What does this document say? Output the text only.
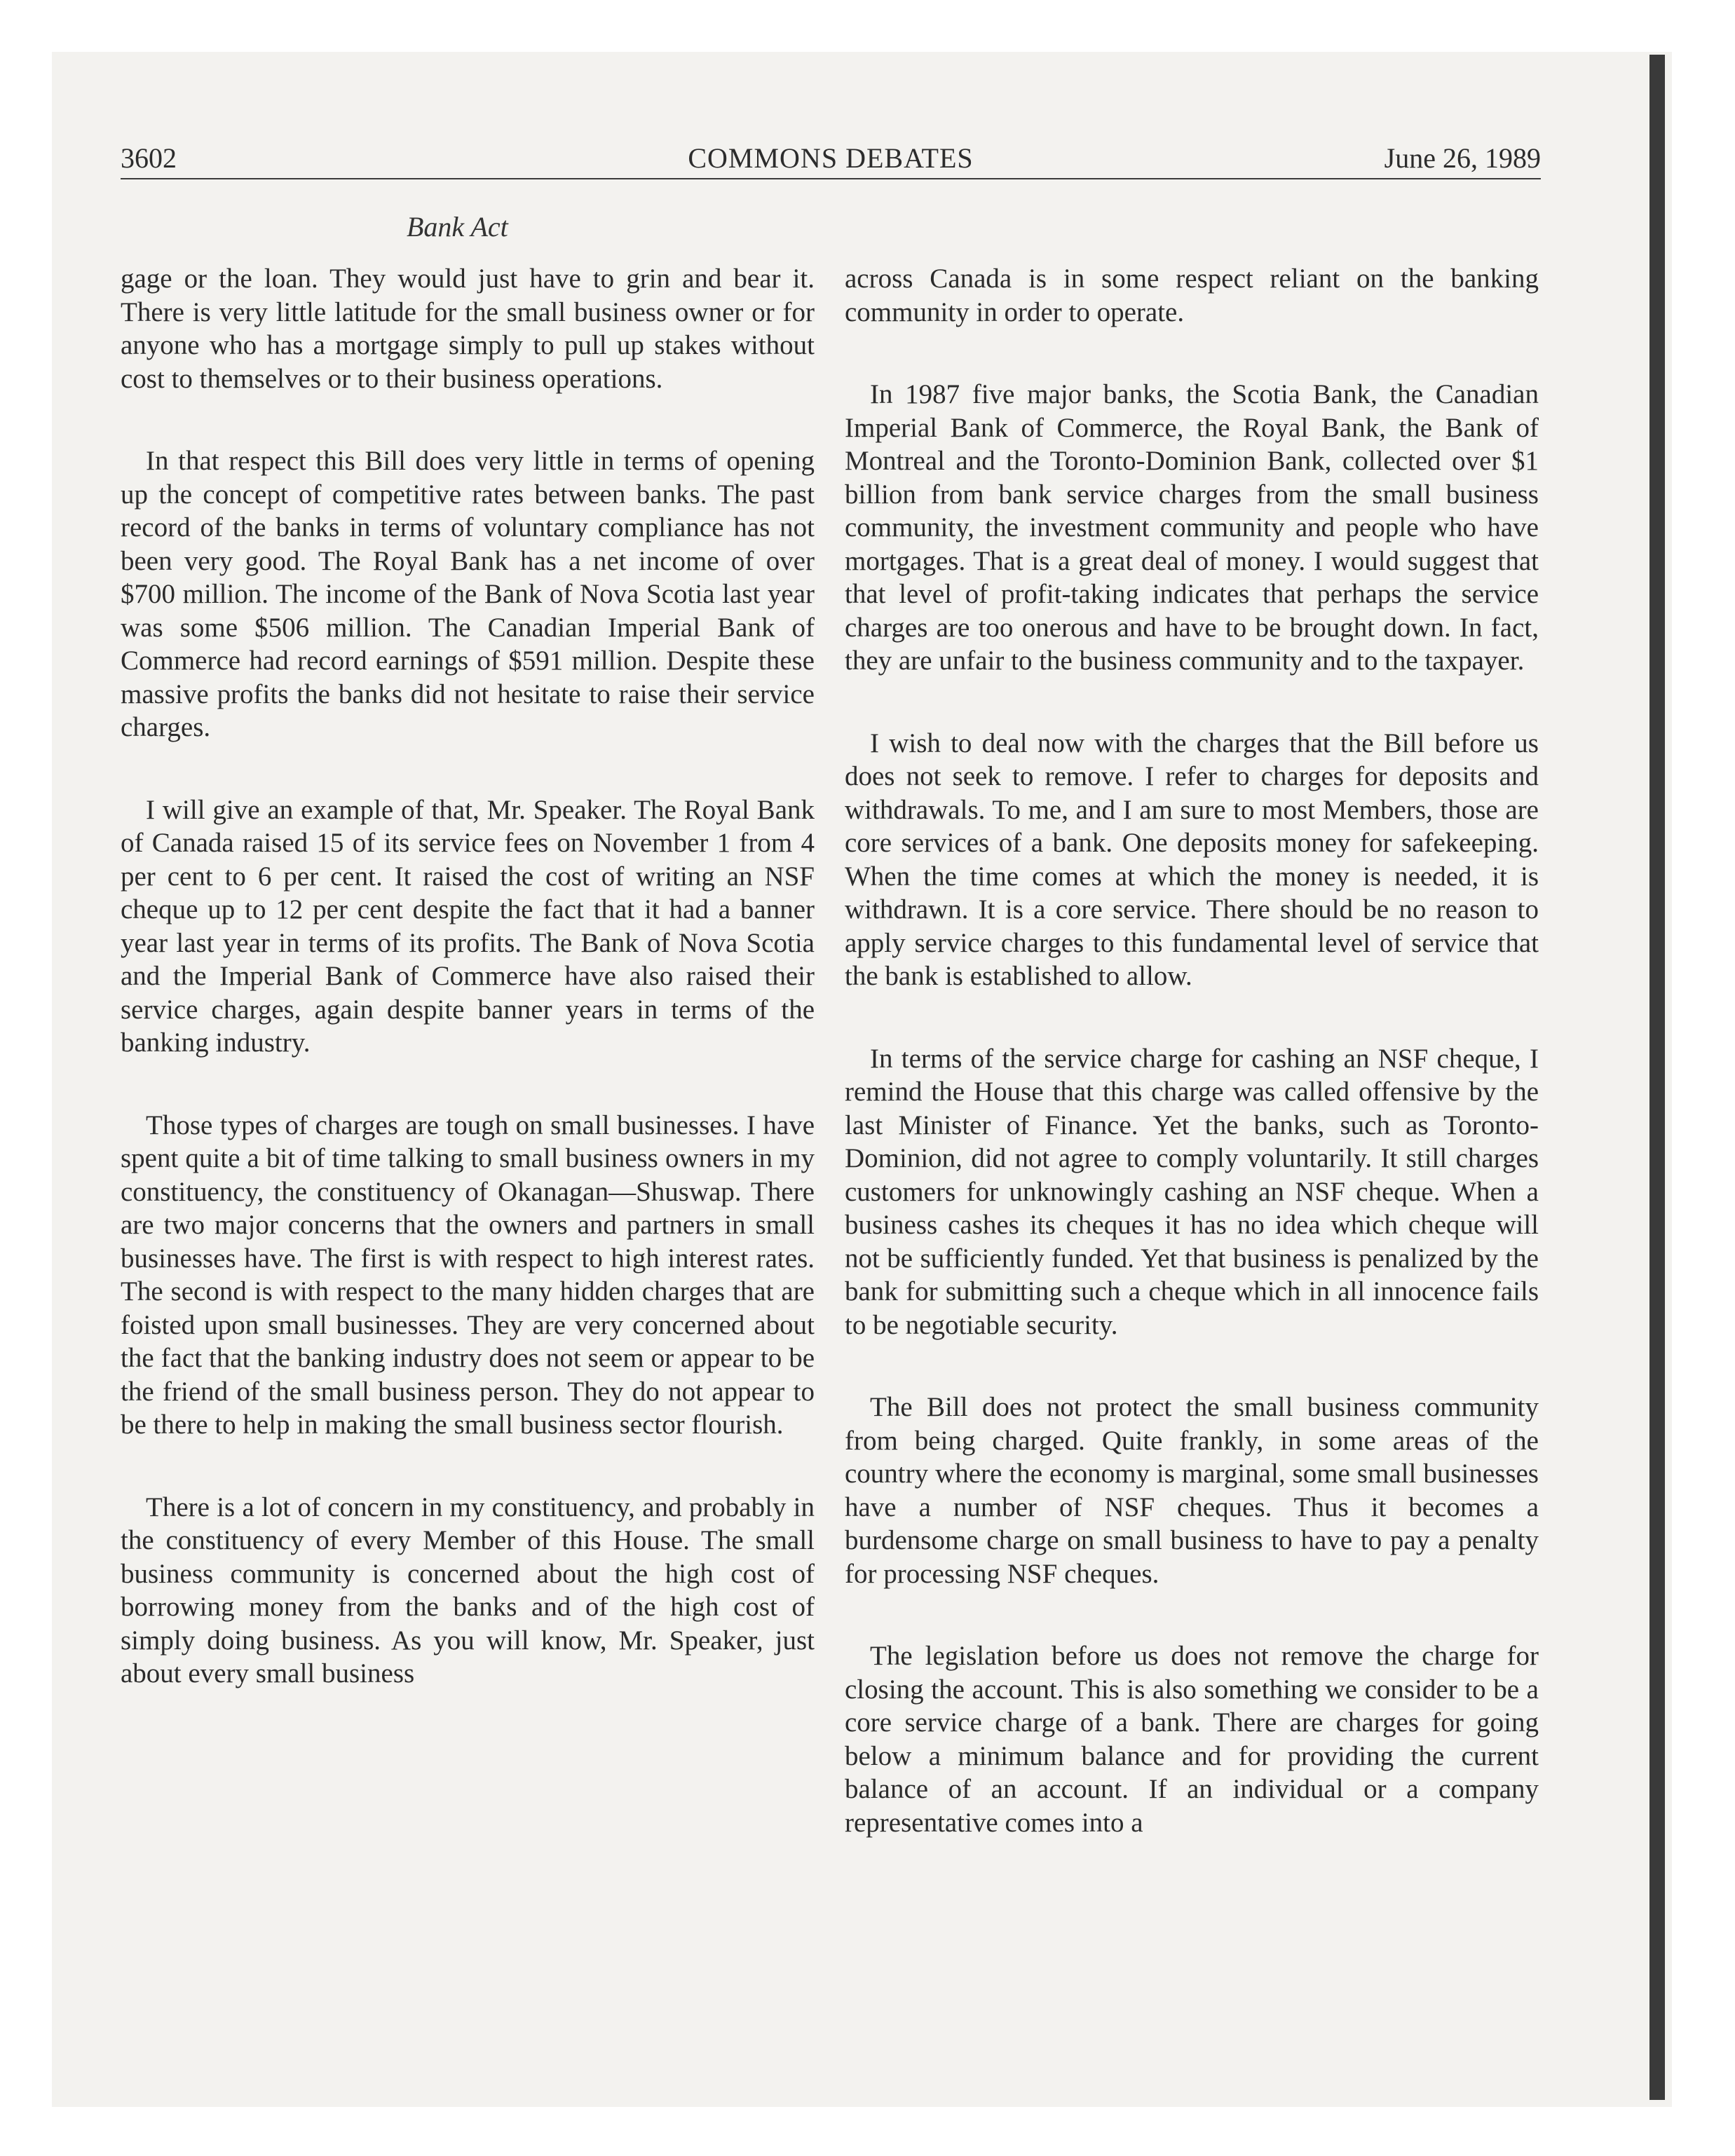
3602	COMMONS DEBATES	June 26, 1989
Bank Act

gage or the loan. They would just have to grin and bear it. There is very little latitude for the small business owner or for anyone who has a mortgage simply to pull up stakes without cost to themselves or to their business operations.

In that respect this Bill does very little in terms of opening up the concept of competitive rates between banks. The past record of the banks in terms of voluntary compliance has not been very good. The Royal Bank has a net income of over $700 million. The income of the Bank of Nova Scotia last year was some $506 million. The Canadian Imperial Bank of Commerce had record earnings of $591 million. Despite these massive profits the banks did not hesitate to raise their service charges.

I will give an example of that, Mr. Speaker. The Royal Bank of Canada raised 15 of its service fees on November 1 from 4 per cent to 6 per cent. It raised the cost of writing an NSF cheque up to 12 per cent despite the fact that it had a banner year last year in terms of its profits. The Bank of Nova Scotia and the Imperial Bank of Commerce have also raised their service charges, again despite banner years in terms of the banking industry.

Those types of charges are tough on small businesses. I have spent quite a bit of time talking to small business owners in my constituency, the constituency of Okanagan—Shuswap. There are two major concerns that the owners and partners in small businesses have. The first is with respect to high interest rates. The second is with respect to the many hidden charges that are foisted upon small businesses. They are very concerned about the fact that the banking industry does not seem or appear to be the friend of the small business person. They do not appear to be there to help in making the small business sector flourish.

There is a lot of concern in my constituency, and probably in the constituency of every Member of this House. The small business community is concerned about the high cost of borrowing money from the banks and of the high cost of simply doing business. As you will know, Mr. Speaker, just about every small business

across Canada is in some respect reliant on the banking community in order to operate.

In 1987 five major banks, the Scotia Bank, the Canadian Imperial Bank of Commerce, the Royal Bank, the Bank of Montreal and the Toronto-Dominion Bank, collected over $1 billion from bank service charges from the small business community, the investment community and people who have mortgages. That is a great deal of money. I would suggest that that level of profit-taking indicates that perhaps the service charges are too onerous and have to be brought down. In fact, they are unfair to the business community and to the taxpayer.

I wish to deal now with the charges that the Bill before us does not seek to remove. I refer to charges for deposits and withdrawals. To me, and I am sure to most Members, those are core services of a bank. One deposits money for safekeeping. When the time comes at which the money is needed, it is withdrawn. It is a core service. There should be no reason to apply service charges to this fundamental level of service that the bank is established to allow.

In terms of the service charge for cashing an NSF cheque, I remind the House that this charge was called offensive by the last Minister of Finance. Yet the banks, such as Toronto-Dominion, did not agree to comply voluntarily. It still charges customers for unknowingly cashing an NSF cheque. When a business cashes its cheques it has no idea which cheque will not be sufficiently funded. Yet that business is penalized by the bank for submitting such a cheque which in all innocence fails to be negotiable security.

The Bill does not protect the small business community from being charged. Quite frankly, in some areas of the country where the economy is marginal, some small businesses have a number of NSF cheques. Thus it becomes a burdensome charge on small business to have to pay a penalty for processing NSF cheques.

The legislation before us does not remove the charge for closing the account. This is also something we consider to be a core service charge of a bank. There are charges for going below a minimum balance and for providing the current balance of an account. If an individual or a company representative comes into a
